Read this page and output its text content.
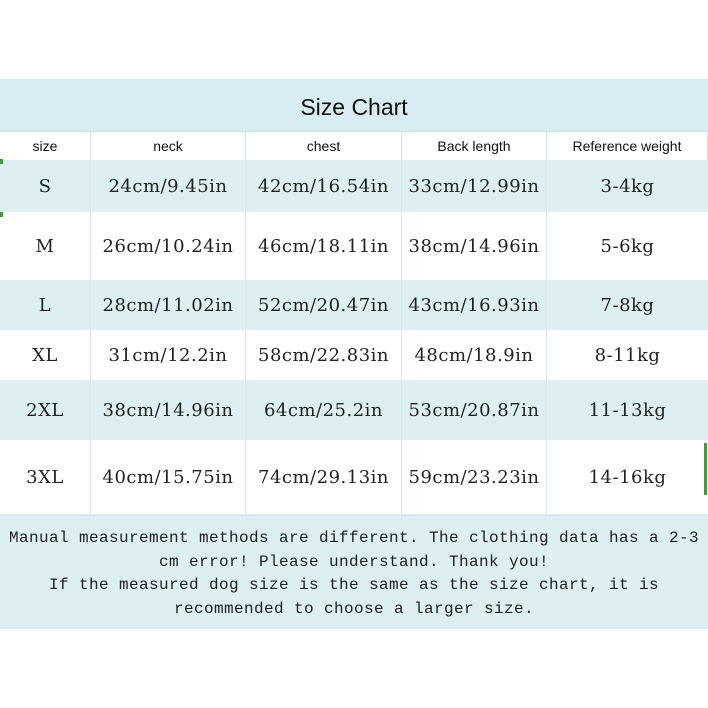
Size Chart
size	neck	chest	Back length	Reference weight
S	24cm/9.45in	42cm/16.54in	33cm/12.99in	3-4kg
M	26cm/10.24in	46cm/18.11in	38cm/14.96in	5-6kg
L	28cm/11.02in	52cm/20.47in	43cm/16.93in	7-8kg
XL	31cm/12.2in	58cm/22.83in	48cm/18.9in	8-11kg
2XL	38cm/14.96in	64cm/25.2in	53cm/20.87in	11-13kg
3XL	40cm/15.75in	74cm/29.13in	59cm/23.23in	14-16kg
Manual measurement methods are different. The clothing data has a 2-3
cm error! Please understand. Thank you!
If the measured dog size is the same as the size chart, it is
recommended to choose a larger size.
